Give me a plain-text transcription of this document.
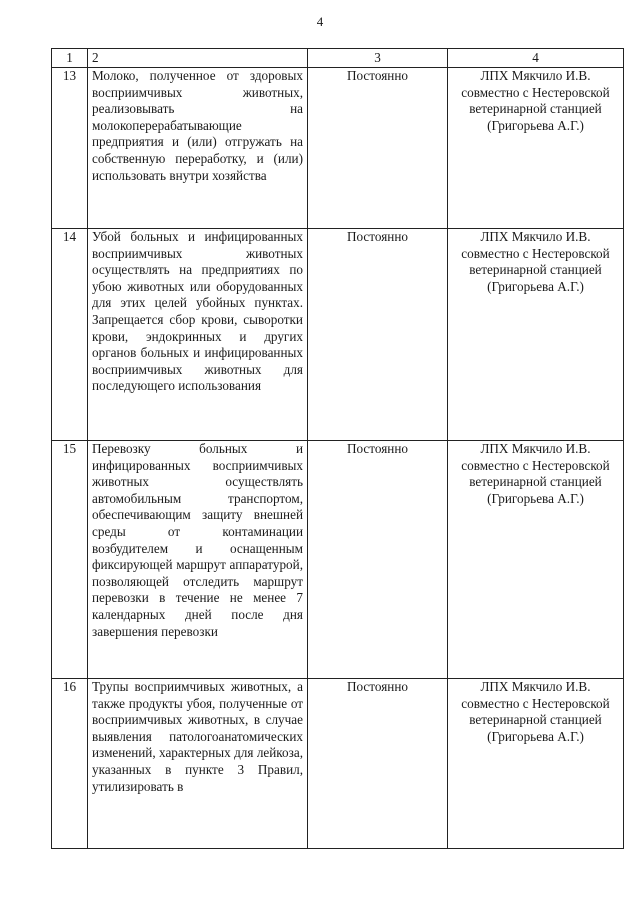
4
1	2	3	4
13	Молоко, полученное от здоровых восприимчивых животных, реализовывать на молокоперерабатывающие предприятия и (или) отгружать на собственную переработку, и (или) использовать внутри хозяйства	Постоянно	ЛПХ Мякчило И.В. совместно с Нестеровской ветеринарной станцией (Григорьева А.Г.)
14	Убой больных и инфицированных восприимчивых животных осуществлять на предприятиях по убою животных или оборудованных для этих целей убойных пунктах. Запрещается сбор крови, сыворотки крови, эндокринных и других органов больных и инфицированных восприимчивых животных для последующего использования	Постоянно	ЛПХ Мякчило И.В. совместно с Нестеровской ветеринарной станцией (Григорьева А.Г.)
15	Перевозку больных и инфицированных восприимчивых животных осуществлять автомобильным транспортом, обеспечивающим защиту внешней среды от контаминации возбудителем и оснащенным фиксирующей маршрут аппаратурой, позволяющей отследить маршрут перевозки в течение не менее 7 календарных дней после дня завершения перевозки	Постоянно	ЛПХ Мякчило И.В. совместно с Нестеровской ветеринарной станцией (Григорьева А.Г.)
16	Трупы восприимчивых животных, а также продукты убоя, полученные от восприимчивых животных, в случае выявления патологоанатомических изменений, характерных для лейкоза, указанных в пункте 3 Правил, утилизировать в	Постоянно	ЛПХ Мякчило И.В. совместно с Нестеровской ветеринарной станцией (Григорьева А.Г.)
